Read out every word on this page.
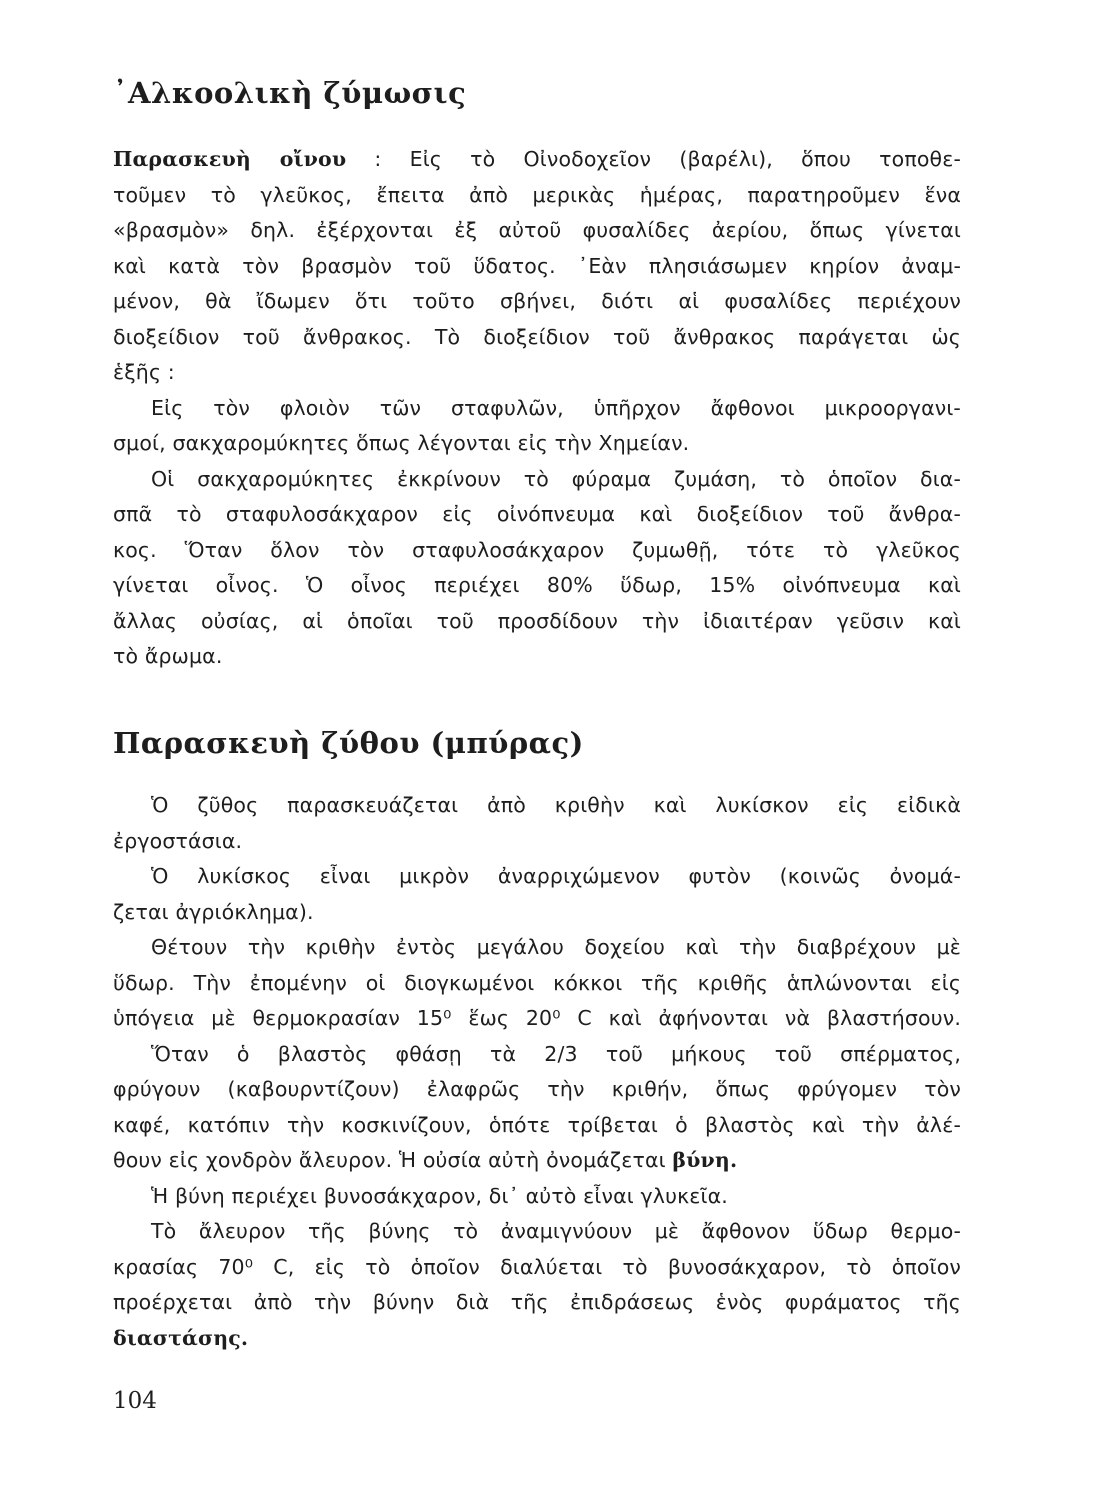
᾿Αλκοολικὴ ζύμωσις
Παρασκευὴ οἴνου : Εἰς τὸ Οἰνοδοχεῖον (βαρέλι), ὅπου τοποθε-
τοῦμεν τὸ γλεῦκος, ἔπειτα ἀπὸ μερικὰς ἡμέρας, παρατηροῦμεν ἕνα
«βρασμὸν» δηλ. ἐξέρχονται ἐξ αὐτοῦ φυσαλίδες ἀερίου, ὅπως γίνεται
καὶ κατὰ τὸν βρασμὸν τοῦ ὕδατος. ᾿Εὰν πλησιάσωμεν κηρίον ἀναμ-
μένον, θὰ ἴδωμεν ὅτι τοῦτο σβήνει, διότι αἱ φυσαλίδες περιέχουν
διοξείδιον τοῦ ἄνθρακος. Τὸ διοξείδιον τοῦ ἄνθρακος παράγεται ὡς
ἑξῆς :
Εἰς τὸν φλοιὸν τῶν σταφυλῶν, ὑπῆρχον ἄφθονοι μικροοργανι-
σμοί, σακχαρομύκητες ὅπως λέγονται εἰς τὴν Χημείαν.
Οἱ σακχαρομύκητες ἐκκρίνουν τὸ φύραμα ζυμάση, τὸ ὁποῖον δια-
σπᾶ τὸ σταφυλοσάκχαρον εἰς οἰνόπνευμα καὶ διοξείδιον τοῦ ἄνθρα-
κος. Ὅταν ὅλον τὸν σταφυλοσάκχαρον ζυμωθῇ, τότε τὸ γλεῦκος
γίνεται οἶνος. Ὁ οἶνος περιέχει 80% ὕδωρ, 15% οἰνόπνευμα καὶ
ἄλλας οὐσίας, αἱ ὁποῖαι τοῦ προσδίδουν τὴν ἰδιαιτέραν γεῦσιν καὶ
τὸ ἄρωμα.
Παρασκευὴ ζύθου (μπύρας)
Ὁ ζῦθος παρασκευάζεται ἀπὸ κριθὴν καὶ λυκίσκον εἰς εἰδικὰ
ἐργοστάσια.
Ὁ λυκίσκος εἶναι μικρὸν ἀναρριχώμενον φυτὸν (κοινῶς ὀνομά-
ζεται ἀγριόκλημα).
Θέτουν τὴν κριθὴν ἐντὸς μεγάλου δοχείου καὶ τὴν διαβρέχουν μὲ
ὕδωρ. Τὴν ἐπομένην οἱ διογκωμένοι κόκκοι τῆς κριθῆς ἁπλώνονται εἰς
ὑπόγεια μὲ θερμοκρασίαν 15⁰ ἕως 20⁰ C καὶ ἀφήνονται νὰ βλαστήσουν.
Ὅταν ὁ βλαστὸς φθάσῃ τὰ 2/3 τοῦ μήκους τοῦ σπέρματος,
φρύγουν (καβουρντίζουν) ἐλαφρῶς τὴν κριθήν, ὅπως φρύγομεν τὸν
καφέ, κατόπιν τὴν κοσκινίζουν, ὁπότε τρίβεται ὁ βλαστὸς καὶ τὴν ἀλέ-
θουν εἰς χονδρὸν ἄλευρον. Ἡ οὐσία αὐτὴ ὀνομάζεται βύνη.
Ἡ βύνη περιέχει βυνοσάκχαρον, δι᾿ αὐτὸ εἶναι γλυκεῖα.
Τὸ ἄλευρον τῆς βύνης τὸ ἀναμιγνύουν μὲ ἄφθονον ὕδωρ θερμο-
κρασίας 70⁰ C, εἰς τὸ ὁποῖον διαλύεται τὸ βυνοσάκχαρον, τὸ ὁποῖον
προέρχεται ἀπὸ τὴν βύνην διὰ τῆς ἐπιδράσεως ἑνὸς φυράματος τῆς
διαστάσης.
104
